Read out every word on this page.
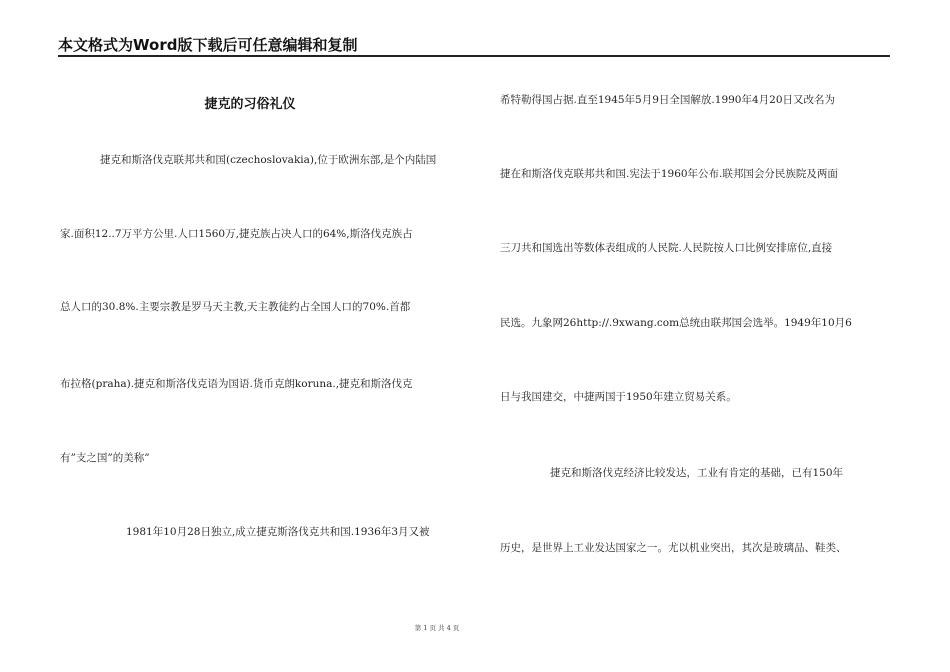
本文格式为Word版下载后可任意编辑和复制
捷克的习俗礼仪
捷克和斯洛伐克联邦共和国(czechoslovakia),位于欧洲东部,是个内陆国
家.面积12..7万平方公里.人口1560万,捷克族占决人口的64%,斯洛伐克族占
总人口的30.8%.主要宗教是罗马天主教,天主教徒约占全国人口的70%.首都
布拉格(praha).捷克和斯洛伐克语为国语.货币克朗koruna.,捷克和斯洛伐克
有”支之国”的美称”
1981年10月28日独立,成立捷克斯洛伐克共和国.1936年3月又被
希特勒得国占据.直至1945年5月9日全国解放.1990年4月20日又改名为
捷在和斯洛伐克联邦共和国.宪法于1960年公布.联邦国会分民族院及两面
三刀共和国选出等数体表组成的人民院.人民院按人口比例安排席位,直接
民选。九象网26http://.9xwang.com总统由联邦国会选举。1949年10月6
日与我国建交，中捷两国于1950年建立贸易关系。
捷克和斯洛伐克经济比较发达，工业有肯定的基础，已有150年
历史，是世界上工业发达国家之一。尤以机业突出，其次是玻璃品、鞋类、
第 1 页 共 4 页
